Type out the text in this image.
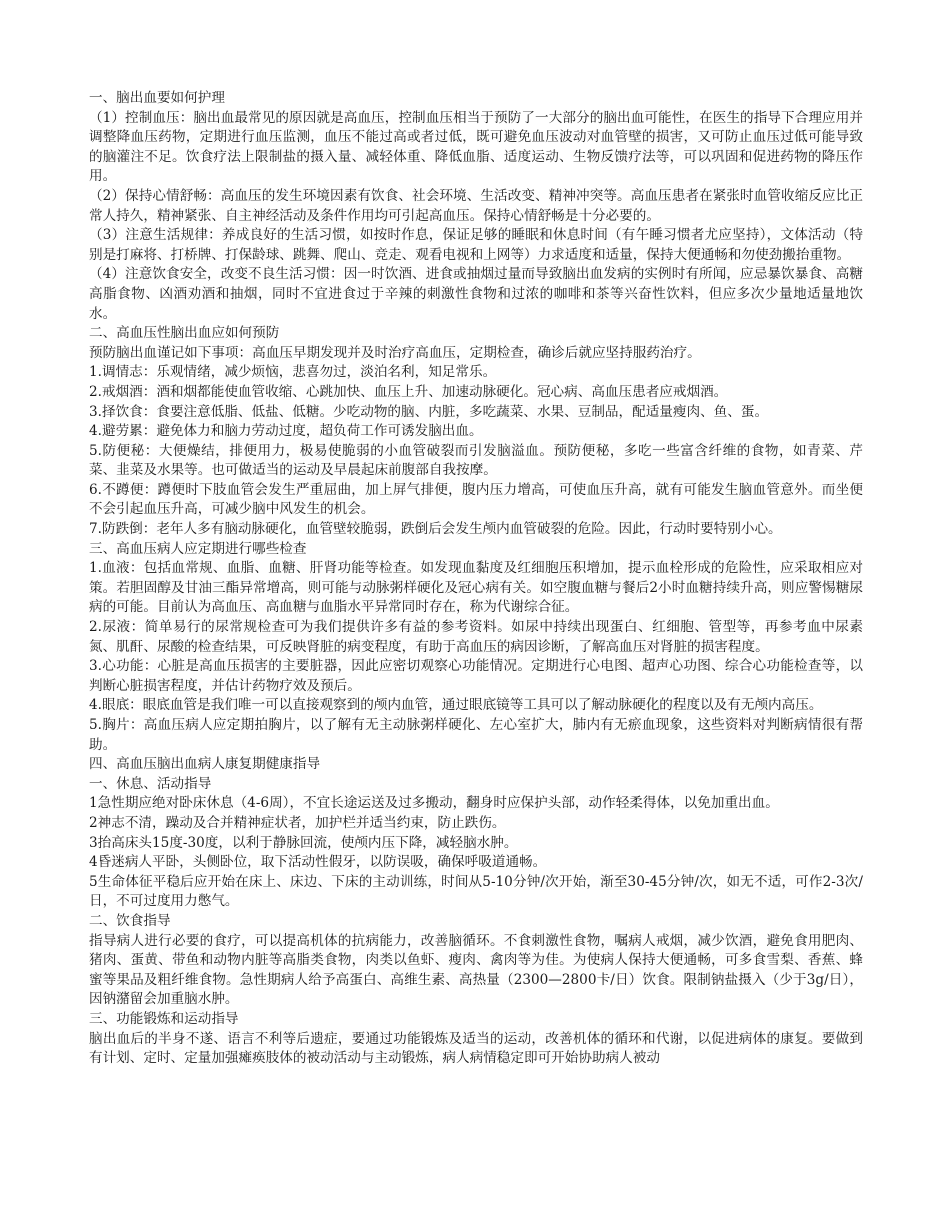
一、脑出血要如何护理

（1）控制血压：脑出血最常见的原因就是高血压，控制血压相当于预防了一大部分的脑出血可能性，在医生的指导下合理应用并调整降血压药物，定期进行血压监测，血压不能过高或者过低，既可避免血压波动对血管壁的损害，又可防止血压过低可能导致的脑灌注不足。饮食疗法上限制盐的摄入量、减轻体重、降低血脂、适度运动、生物反馈疗法等，可以巩固和促进药物的降压作用。

（2）保持心情舒畅：高血压的发生环境因素有饮食、社会环境、生活改变、精神冲突等。高血压患者在紧张时血管收缩反应比正常人持久，精神紧张、自主神经活动及条件作用均可引起高血压。保持心情舒畅是十分必要的。

（3）注意生活规律：养成良好的生活习惯，如按时作息，保证足够的睡眠和休息时间（有午睡习惯者尤应坚持），文体活动（特别是打麻将、打桥牌、打保龄球、跳舞、爬山、竞走、观看电视和上网等）力求适度和适量，保持大便通畅和勿使劲搬抬重物。

（4）注意饮食安全，改变不良生活习惯：因一时饮酒、进食或抽烟过量而导致脑出血发病的实例时有所闻，应忌暴饮暴食、高糖高脂食物、凶酒劝酒和抽烟，同时不宜进食过于辛辣的刺激性食物和过浓的咖啡和茶等兴奋性饮料，但应多次少量地适量地饮水。

二、高血压性脑出血应如何预防

预防脑出血谨记如下事项：高血压早期发现并及时治疗高血压，定期检查，确诊后就应坚持服药治疗。

1.调情志：乐观情绪，减少烦恼，悲喜勿过，淡泊名利，知足常乐。

2.戒烟酒：酒和烟都能使血管收缩、心跳加快、血压上升、加速动脉硬化。冠心病、高血压患者应戒烟酒。

3.择饮食：食要注意低脂、低盐、低糖。少吃动物的脑、内脏，多吃蔬菜、水果、豆制品，配适量瘦肉、鱼、蛋。

4.避劳累：避免体力和脑力劳动过度，超负荷工作可诱发脑出血。

5.防便秘：大便燥结，排便用力，极易使脆弱的小血管破裂而引发脑溢血。预防便秘，多吃一些富含纤维的食物，如青菜、芹菜、韭菜及水果等。也可做适当的运动及早晨起床前腹部自我按摩。

6.不蹲便：蹲便时下肢血管会发生严重屈曲，加上屏气排便，腹内压力增高，可使血压升高，就有可能发生脑血管意外。而坐便不会引起血压升高，可减少脑中风发生的机会。

7.防跌倒：老年人多有脑动脉硬化，血管壁较脆弱，跌倒后会发生颅内血管破裂的危险。因此，行动时要特别小心。

三、高血压病人应定期进行哪些检查

1.血液：包括血常规、血脂、血糖、肝肾功能等检查。如发现血黏度及红细胞压积增加，提示血栓形成的危险性，应采取相应对策。若胆固醇及甘油三酯异常增高，则可能与动脉粥样硬化及冠心病有关。如空腹血糖与餐后2小时血糖持续升高，则应警惕糖尿病的可能。目前认为高血压、高血糖与血脂水平异常同时存在，称为代谢综合征。

2.尿液：简单易行的尿常规检查可为我们提供许多有益的参考资料。如尿中持续出现蛋白、红细胞、管型等，再参考血中尿素氮、肌酐、尿酸的检查结果，可反映肾脏的病变程度，有助于高血压的病因诊断，了解高血压对肾脏的损害程度。

3.心功能：心脏是高血压损害的主要脏器，因此应密切观察心功能情况。定期进行心电图、超声心功图、综合心功能检查等，以判断心脏损害程度，并估计药物疗效及预后。

4.眼底：眼底血管是我们唯一可以直接观察到的颅内血管，通过眼底镜等工具可以了解动脉硬化的程度以及有无颅内高压。

5.胸片：高血压病人应定期拍胸片，以了解有无主动脉粥样硬化、左心室扩大，肺内有无瘀血现象，这些资料对判断病情很有帮助。

四、高血压脑出血病人康复期健康指导

一、休息、活动指导

1急性期应绝对卧床休息（4-6周），不宜长途运送及过多搬动，翻身时应保护头部，动作轻柔得体，以免加重出血。

2神志不清，躁动及合并精神症状者，加护栏并适当约束，防止跌伤。

3抬高床头15度-30度，以利于静脉回流，使颅内压下降，减轻脑水肿。

4昏迷病人平卧，头侧卧位，取下活动性假牙，以防误吸，确保呼吸道通畅。

5生命体征平稳后应开始在床上、床边、下床的主动训练，时间从5-10分钟/次开始，渐至30-45分钟/次，如无不适，可作2-3次/日，不可过度用力憋气。

二、饮食指导

指导病人进行必要的食疗，可以提高机体的抗病能力，改善脑循环。不食刺激性食物，嘱病人戒烟，减少饮酒，避免食用肥肉、猪肉、蛋黄、带鱼和动物内脏等高脂类食物，肉类以鱼虾、瘦肉、禽肉等为佳。为使病人保持大便通畅，可多食雪梨、香蕉、蜂蜜等果品及粗纤维食物。急性期病人给予高蛋白、高维生素、高热量（2300—2800卡/日）饮食。限制钠盐摄入（少于3g/日），因钠潴留会加重脑水肿。

三、功能锻炼和运动指导

脑出血后的半身不遂、语言不利等后遗症，要通过功能锻炼及适当的运动，改善机体的循环和代谢，以促进病体的康复。要做到有计划、定时、定量加强瘫痪肢体的被动活动与主动锻炼，病人病情稳定即可开始协助病人被动
